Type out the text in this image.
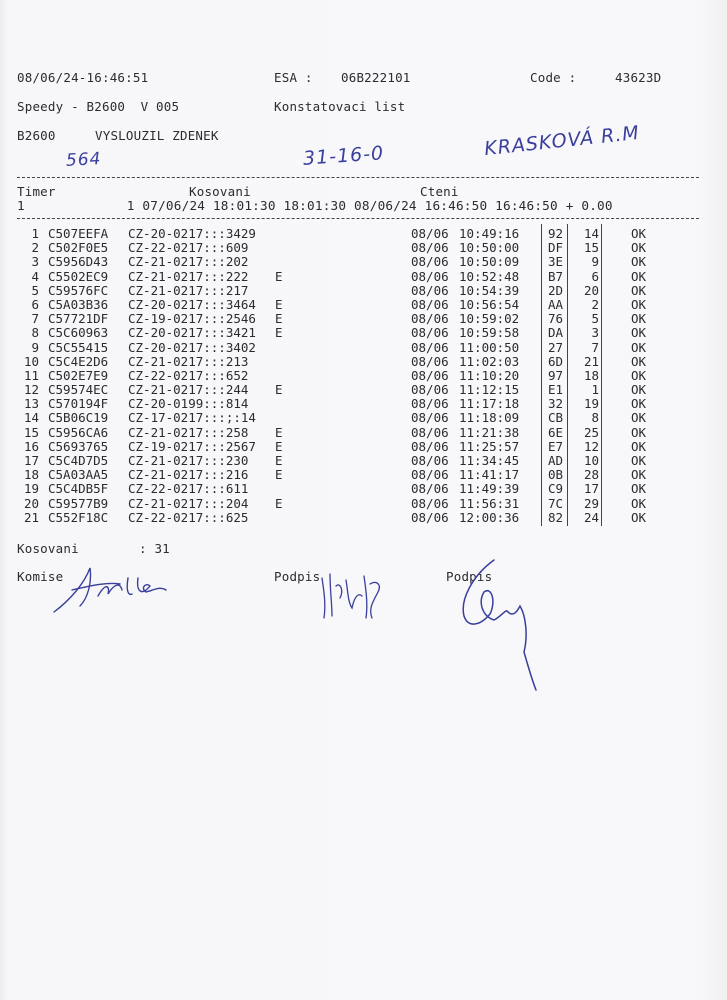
08/06/24-16:46:51	ESA : 06B222101	Code :	43623D
Speedy - B2600  V 005	Konstatovaci list
B2600	VYSLOUZIL ZDENEK
564	31-16-0	KRASKOVÁ R.M
Timer	Kosovani	Cteni
1             1 07/06/24 18:01:30 18:01:30 08/06/24 16:46:50 16:46:50 + 0.00
1 C507EEFA CZ-20-0217:::3429	08/06 10:49:16 92	14	OK
2 C502F0E5 CZ-22-0217:::609	08/06 10:50:00 DF	15	OK
3 C5956D43 CZ-21-0217:::202	08/06 10:50:09 3E	9	OK
4 C5502EC9 CZ-21-0217:::222 E	08/06 10:52:48 B7	6	OK
5 C59576FC CZ-21-0217:::217	08/06 10:54:39 2D	20	OK
6 C5A03B36 CZ-20-0217:::3464 E	08/06 10:56:54 AA	2	OK
7 C57721DF CZ-19-0217:::2546 E	08/06 10:59:02 76	5	OK
8 C5C60963 CZ-20-0217:::3421 E	08/06 10:59:58 DA	3	OK
9 C5C55415 CZ-20-0217:::3402	08/06 11:00:50 27	7	OK
10 C5C4E2D6 CZ-21-0217:::213	08/06 11:02:03 6D	21	OK
11 C502E7E9 CZ-22-0217:::652	08/06 11:10:20 97	18	OK
12 C59574EC CZ-21-0217:::244 E	08/06 11:12:15 E1	1	OK
13 C570194F CZ-20-0199:::814	08/06 11:17:18 32	19	OK
14 C5B06C19 CZ-17-0217:::;:14	08/06 11:18:09 CB	8	OK
15 C5956CA6 CZ-21-0217:::258 E	08/06 11:21:38 6E	25	OK
16 C5693765 CZ-19-0217:::2567 E	08/06 11:25:57 E7	12	OK
17 C5C4D7D5 CZ-21-0217:::230 E	08/06 11:34:45 AD	10	OK
18 C5A03AA5 CZ-21-0217:::216 E	08/06 11:41:17 0B	28	OK
19 C5C4DB5F CZ-22-0217:::611	08/06 11:49:39 C9	17	OK
20 C59577B9 CZ-21-0217:::204 E	08/06 11:56:31 7C	29	OK
21 C552F18C CZ-22-0217:::625	08/06 12:00:36 82	24	OK
Kosovani	: 31
Komise	Podpis	Podpis
